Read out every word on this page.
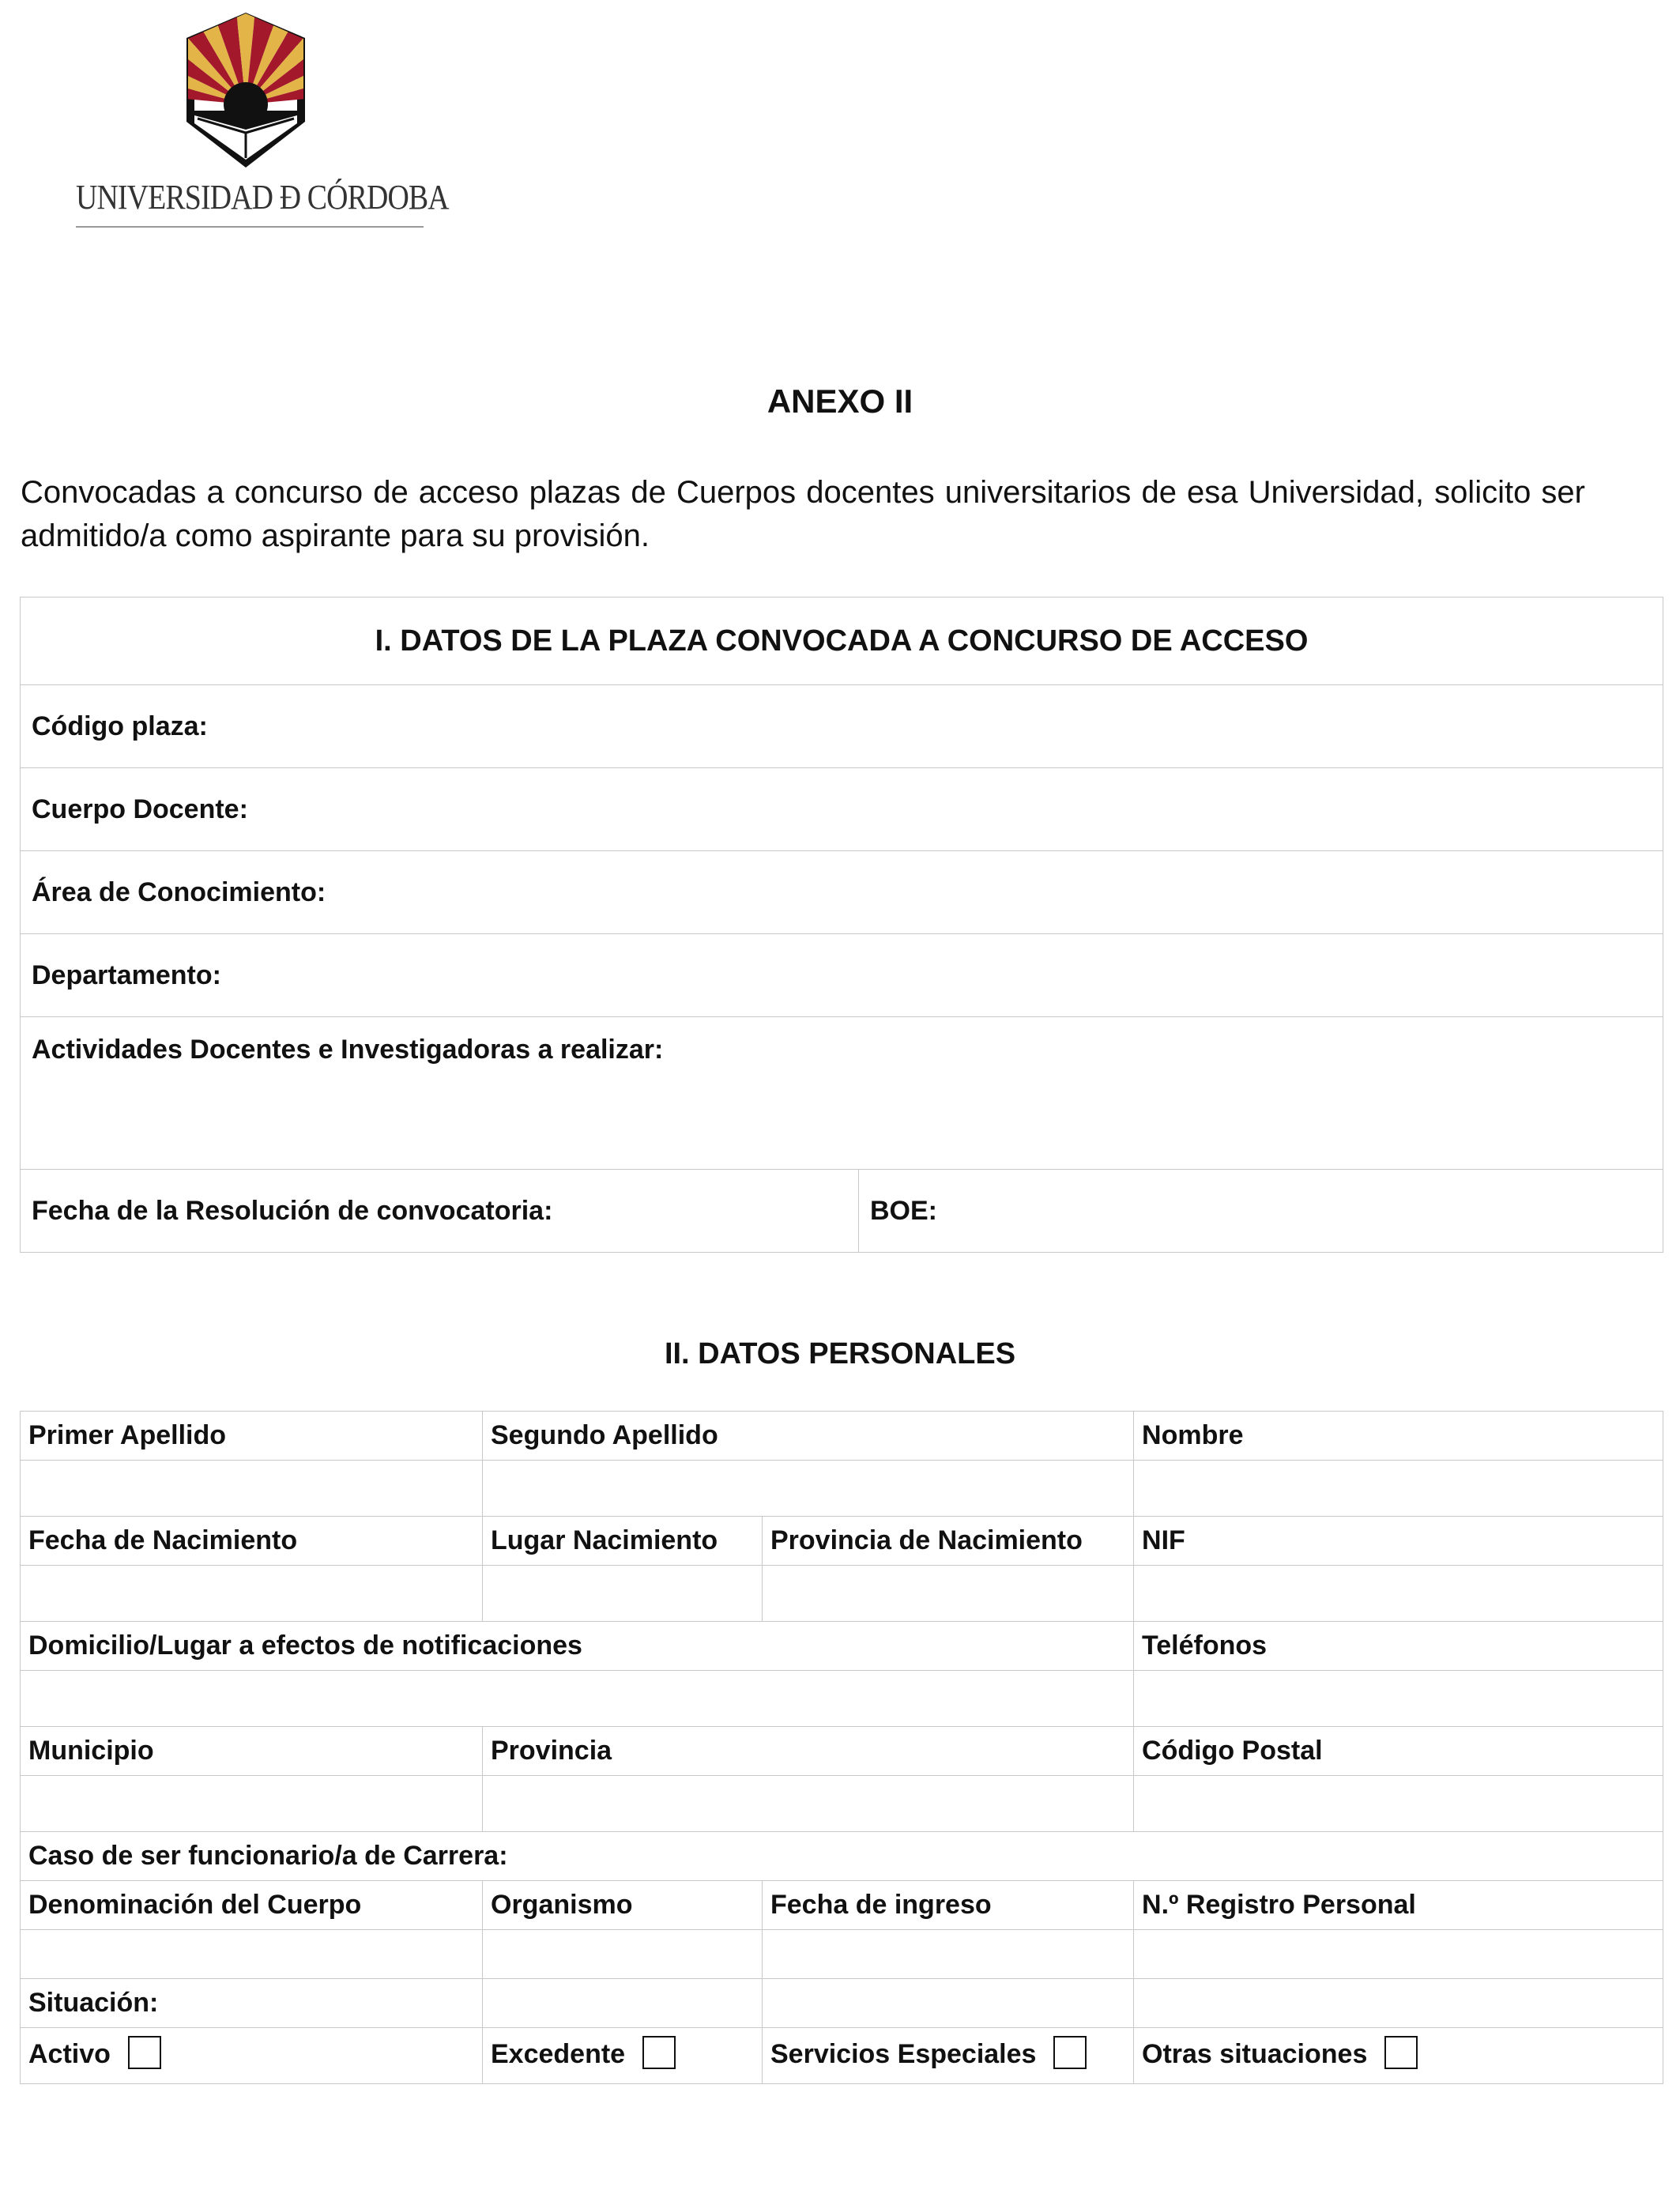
UNIVERSIDAD Ð CÓRDOBA
ANEXO II
Convocadas a concurso de acceso plazas de Cuerpos docentes universitarios de esa Universidad, solicito ser admitido/a como aspirante para su provisión.
I. DATOS DE LA PLAZA CONVOCADA A CONCURSO DE ACCESO
Código plaza:
Cuerpo Docente:
Área de Conocimiento:
Departamento:
Actividades Docentes e Investigadoras a realizar:
Fecha de la Resolución de convocatoria:	BOE:
II. DATOS PERSONALES
Primer Apellido	Segundo Apellido		Nombre

Fecha de Nacimiento	Lugar Nacimiento	Provincia de Nacimiento	NIF

Domicilio/Lugar a efectos de notificaciones			Teléfonos

Municipio	Provincia		Código Postal

Caso de ser funcionario/a de Carrera:			
Denominación del Cuerpo	Organismo	Fecha de ingreso	N.º Registro Personal

Situación:			
Activo	Excedente	Servicios Especiales	Otras situaciones
